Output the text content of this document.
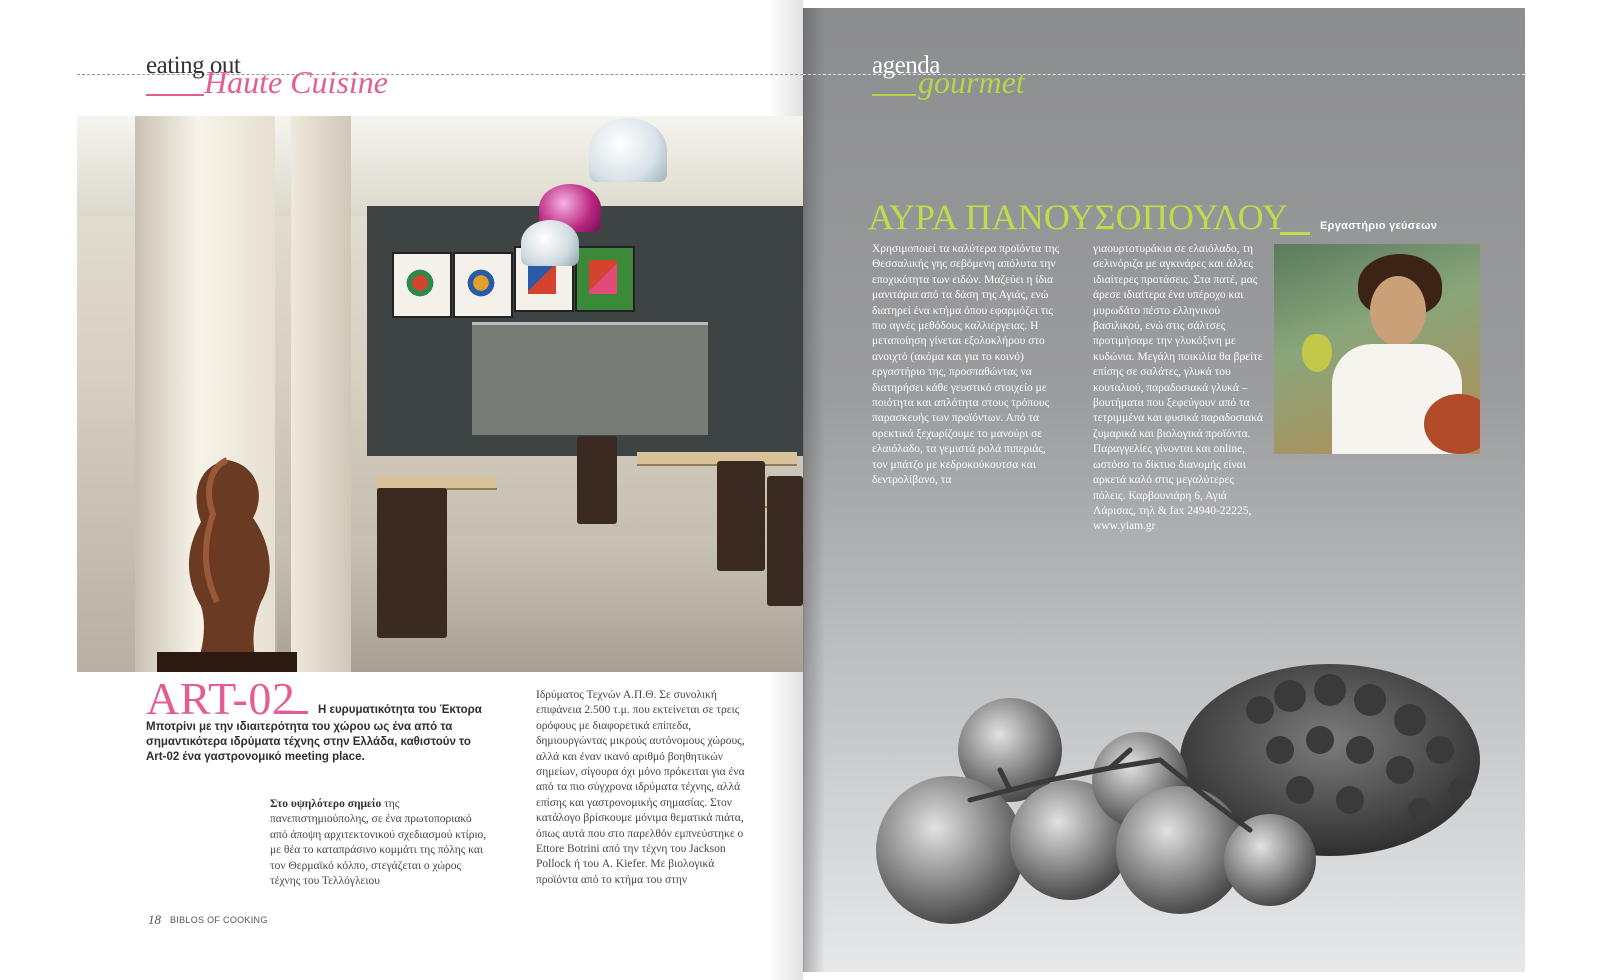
eating out
Haute Cuisine
ART-02 Η ευρυματικότητα του Έκτορα
Μποτρίνι με την ιδιαιτερότητα του χώρου ως ένα από τα σημαντικότερα ιδρύματα τέχνης στην Ελλάδα, καθιστούν το Art-02 ένα γαστρονομικό meeting place.
Στο υψηλότερο σημείο της πανεπιστημιούπολης, σε ένα πρωτοποριακό από άποψη αρχιτεκτονικού σχεδιασμού κτίριο, με θέα το καταπράσινο κομμάτι της πόλης και τον Θερμαϊκό κόλπο, στεγάζεται ο χώρος τέχνης του Τελλόγλειου
Ιδρύματος Τεχνών Α.Π.Θ. Σε συνολική επιφάνεια 2.500 τ.μ. που εκτείνεται σε τρεις ορόφους με διαφορετικά επίπεδα, δημιουργώντας μικρούς αυτόνομους χώρους, αλλά και έναν ικανό αριθμό βοηθητικών σημείων, σίγουρα όχι μόνο πρόκειται για ένα από τα πιο σύγχρονα ιδρύματα τέχνης, αλλά επίσης και γαστρονομικής σημασίας. Στον κατάλογο βρίσκουμε μόνιμα θεματικά πιάτα, όπως αυτά που στο παρελθόν εμπνεύστηκε ο Ettore Botrini από την τέχνη του Jackson Pollock ή του A. Kiefer. Με βιολογικά προϊόντα από το κτήμα του στην
18 BIBLOS OF COOKING
agenda
gourmet
ΑΥΡΑ ΠΑΝΟΥΣΟΠΟΥΛΟΥ	Εργαστήριο γεύσεων
Χρησιμοποιεί τα καλύτερα προϊόντα της Θεσσαλικής γης σεβόμενη απόλυτα την εποχικότητα των ειδών. Μαζεύει η ίδια μανιτάρια από τα δάση της Αγιάς, ενώ διατηρεί ένα κτήμα όπου εφαρμόζει τις πιο αγνές μεθόδους καλλιέργειας. Η μεταποίηση γίνεται εξολοκλήρου στο ανοιχτό (ακόμα και για το κοινό) εργαστήριο της, προσπαθώντας να διατηρήσει κάθε γευστικό στοιχείο με ποιότητα και απλότητα στους τρόπους παρασκευής των προϊόντων. Από τα ορεκτικά ξεχωρίζουμε το μανούρι σε ελαιόλαδο, τα γεμιστά ρολά πιπεριάς, τον μπάτζο με κεδροκούκουτσα και δεντρολίβανο, τα
γιαουρτοτυράκια σε ελαιόλαδο, τη σελινόριζα με αγκινάρες και άλλες ιδιαίτερες προτάσεις. Στα πατέ, μας άρεσε ιδιαίτερα ένα υπέροχο και μυρωδάτο πέστο ελληνικού βασιλικού, ενώ στις σάλτσες προτιμήσαμε την γλυκόξινη με κυδώνια. Μεγάλη ποικιλία θα βρείτε επίσης σε σαλάτες, γλυκά του κουταλιού, παραδοσιακά γλυκά –βουτήματα που ξεφεύγουν από τα τετριμμένα και φυσικά παραδοσιακά ζυμαρικά και βιολογικά προϊόντα. Παραγγελίες γίνονται και online, ωστόσο το δίκτυο διανομής είναι αρκετά καλό στις μεγαλύτερες πόλεις. Καρβουνιάρη 6, Αγιά Λάρισας, τηλ & fax 24940-22225, www.yiam.gr
